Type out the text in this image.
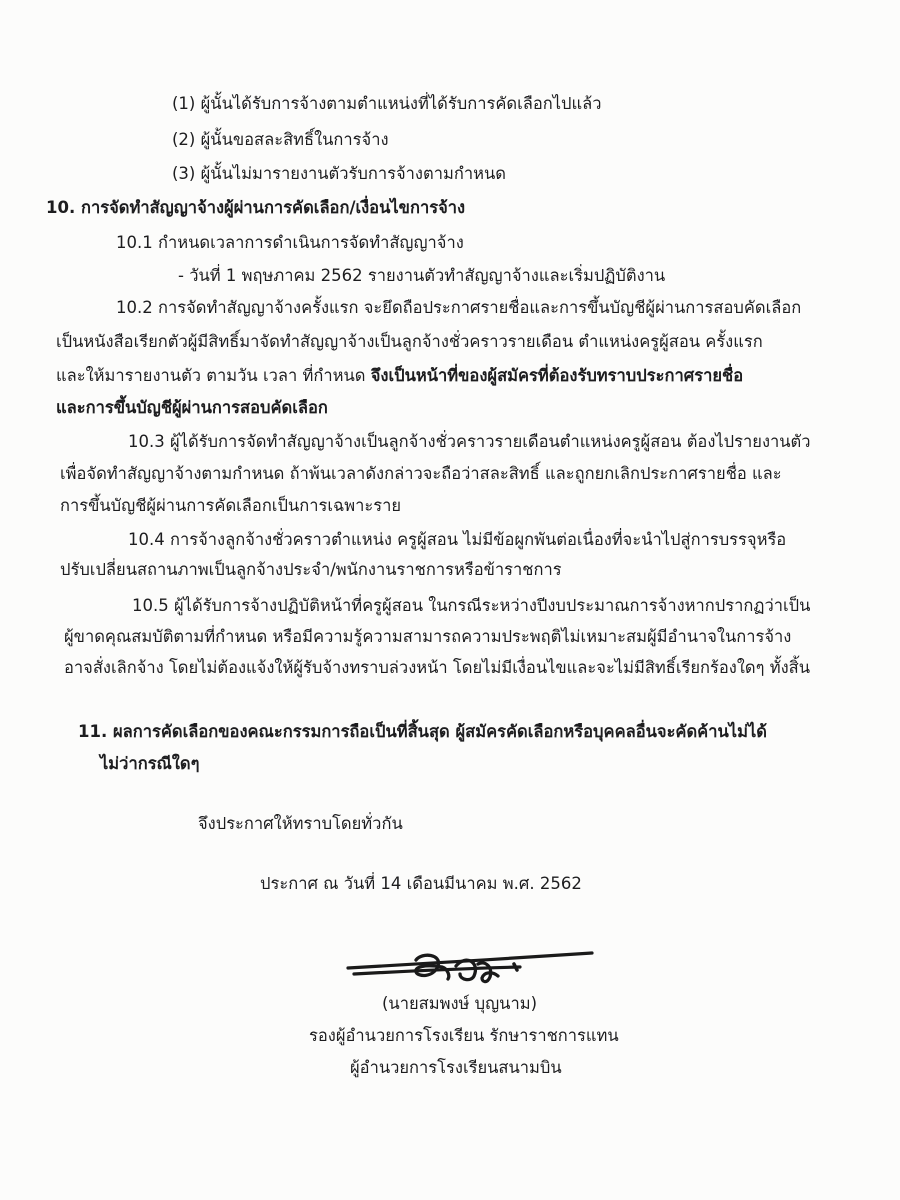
(1) ผู้นั้นได้รับการจ้างตามตำแหน่งที่ได้รับการคัดเลือกไปแล้ว
(2) ผู้นั้นขอสละสิทธิ์ในการจ้าง
(3) ผู้นั้นไม่มารายงานตัวรับการจ้างตามกำหนด
10. การจัดทำสัญญาจ้างผู้ผ่านการคัดเลือก/เงื่อนไขการจ้าง
10.1 กำหนดเวลาการดำเนินการจัดทำสัญญาจ้าง
- วันที่ 1 พฤษภาคม 2562 รายงานตัวทำสัญญาจ้างและเริ่มปฏิบัติงาน
10.2 การจัดทำสัญญาจ้างครั้งแรก จะยึดถือประกาศรายชื่อและการขึ้นบัญชีผู้ผ่านการสอบคัดเลือก
เป็นหนังสือเรียกตัวผู้มีสิทธิ์มาจัดทำสัญญาจ้างเป็นลูกจ้างชั่วคราวรายเดือน ตำแหน่งครูผู้สอน ครั้งแรก
และให้มารายงานตัว ตามวัน เวลา ที่กำหนด จึงเป็นหน้าที่ของผู้สมัครที่ต้องรับทราบประกาศรายชื่อ
และการขึ้นบัญชีผู้ผ่านการสอบคัดเลือก
10.3 ผู้ได้รับการจัดทำสัญญาจ้างเป็นลูกจ้างชั่วคราวรายเดือนตำแหน่งครูผู้สอน ต้องไปรายงานตัว
เพื่อจัดทำสัญญาจ้างตามกำหนด ถ้าพ้นเวลาดังกล่าวจะถือว่าสละสิทธิ์ และถูกยกเลิกประกาศรายชื่อ และ
การขึ้นบัญชีผู้ผ่านการคัดเลือกเป็นการเฉพาะราย
10.4 การจ้างลูกจ้างชั่วคราวตำแหน่ง ครูผู้สอน ไม่มีข้อผูกพันต่อเนื่องที่จะนำไปสู่การบรรจุหรือ
ปรับเปลี่ยนสถานภาพเป็นลูกจ้างประจำ/พนักงานราชการหรือข้าราชการ
10.5 ผู้ได้รับการจ้างปฏิบัติหน้าที่ครูผู้สอน ในกรณีระหว่างปีงบประมาณการจ้างหากปรากฏว่าเป็น
ผู้ขาดคุณสมบัติตามที่กำหนด หรือมีความรู้ความสามารถความประพฤติไม่เหมาะสมผู้มีอำนาจในการจ้าง
อาจสั่งเลิกจ้าง โดยไม่ต้องแจ้งให้ผู้รับจ้างทราบล่วงหน้า โดยไม่มีเงื่อนไขและจะไม่มีสิทธิ์เรียกร้องใดๆ ทั้งสิ้น
11. ผลการคัดเลือกของคณะกรรมการถือเป็นที่สิ้นสุด ผู้สมัครคัดเลือกหรือบุคคลอื่นจะคัดค้านไม่ได้
ไม่ว่ากรณีใดๆ
จึงประกาศให้ทราบโดยทั่วกัน
ประกาศ ณ วันที่ 14 เดือนมีนาคม พ.ศ. 2562
(นายสมพงษ์ บุญนาม)
รองผู้อำนวยการโรงเรียน รักษาราชการแทน
ผู้อำนวยการโรงเรียนสนามบิน
